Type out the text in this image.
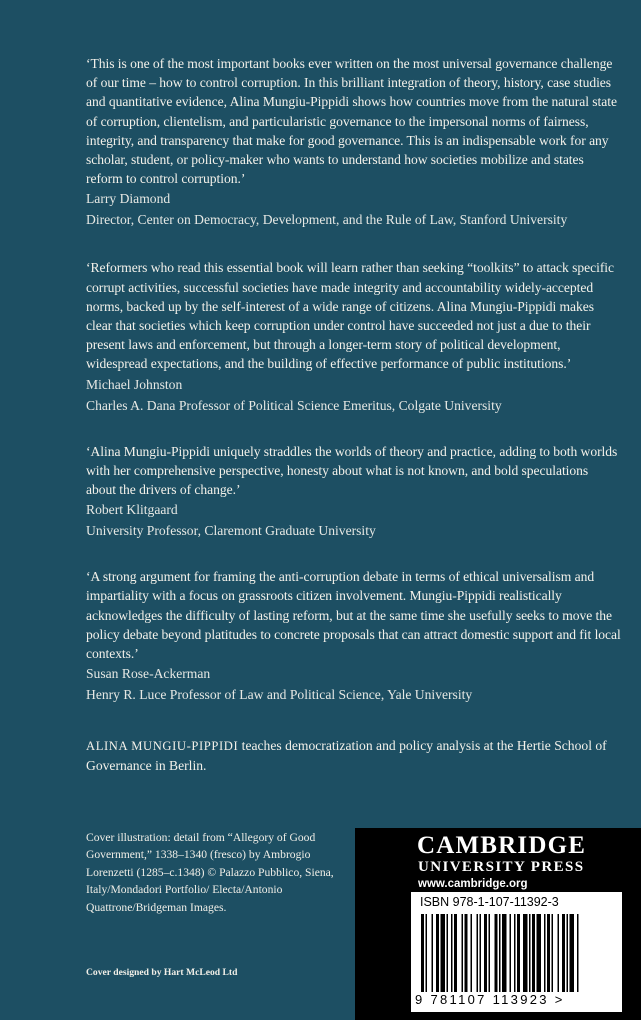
‘This is one of the most important books ever written on the most universal governance challenge of our time – how to control corruption. In this brilliant integration of theory, history, case studies and quantitative evidence, Alina Mungiu-Pippidi shows how countries move from the natural state of corruption, clientelism, and particularistic governance to the impersonal norms of fairness, integrity, and transparency that make for good governance. This is an indispensable work for any scholar, student, or policy-maker who wants to understand how societies mobilize and states reform to control corruption.’

Larry Diamond

Director, Center on Democracy, Development, and the Rule of Law, Stanford University

‘Reformers who read this essential book will learn rather than seeking “toolkits” to attack specific corrupt activities, successful societies have made integrity and accountability widely-accepted norms, backed up by the self-interest of a wide range of citizens. Alina Mungiu-Pippidi makes clear that societies which keep corruption under control have succeeded not just a due to their present laws and enforcement, but through a longer-term story of political development, widespread expectations, and the building of effective performance of public institutions.’

Michael Johnston

Charles A. Dana Professor of Political Science Emeritus, Colgate University

‘Alina Mungiu-Pippidi uniquely straddles the worlds of theory and practice, adding to both worlds with her comprehensive perspective, honesty about what is not known, and bold speculations about the drivers of change.’

Robert Klitgaard

University Professor, Claremont Graduate University

‘A strong argument for framing the anti-corruption debate in terms of ethical universalism and impartiality with a focus on grassroots citizen involvement. Mungiu-Pippidi realistically acknowledges the difficulty of lasting reform, but at the same time she usefully seeks to move the policy debate beyond platitudes to concrete proposals that can attract domestic support and fit local contexts.’

Susan Rose-Ackerman

Henry R. Luce Professor of Law and Political Science, Yale University

ALINA MUNGIU-PIPPIDI teaches democratization and policy analysis at the Hertie School of Governance in Berlin.

Cover illustration: detail from “Allegory of Good Government,” 1338–1340 (fresco) by Ambrogio Lorenzetti (1285–c.1348) © Palazzo Pubblico, Siena, Italy/Mondadori Portfolio/ Electa/Antonio Quattrone/Bridgeman Images.
Cover designed by Hart McLeod Ltd
CAMBRIDGE
UNIVERSITY PRESS
www.cambridge.org
ISBN 978-1-107-11392-3
9 781107 113923 >
